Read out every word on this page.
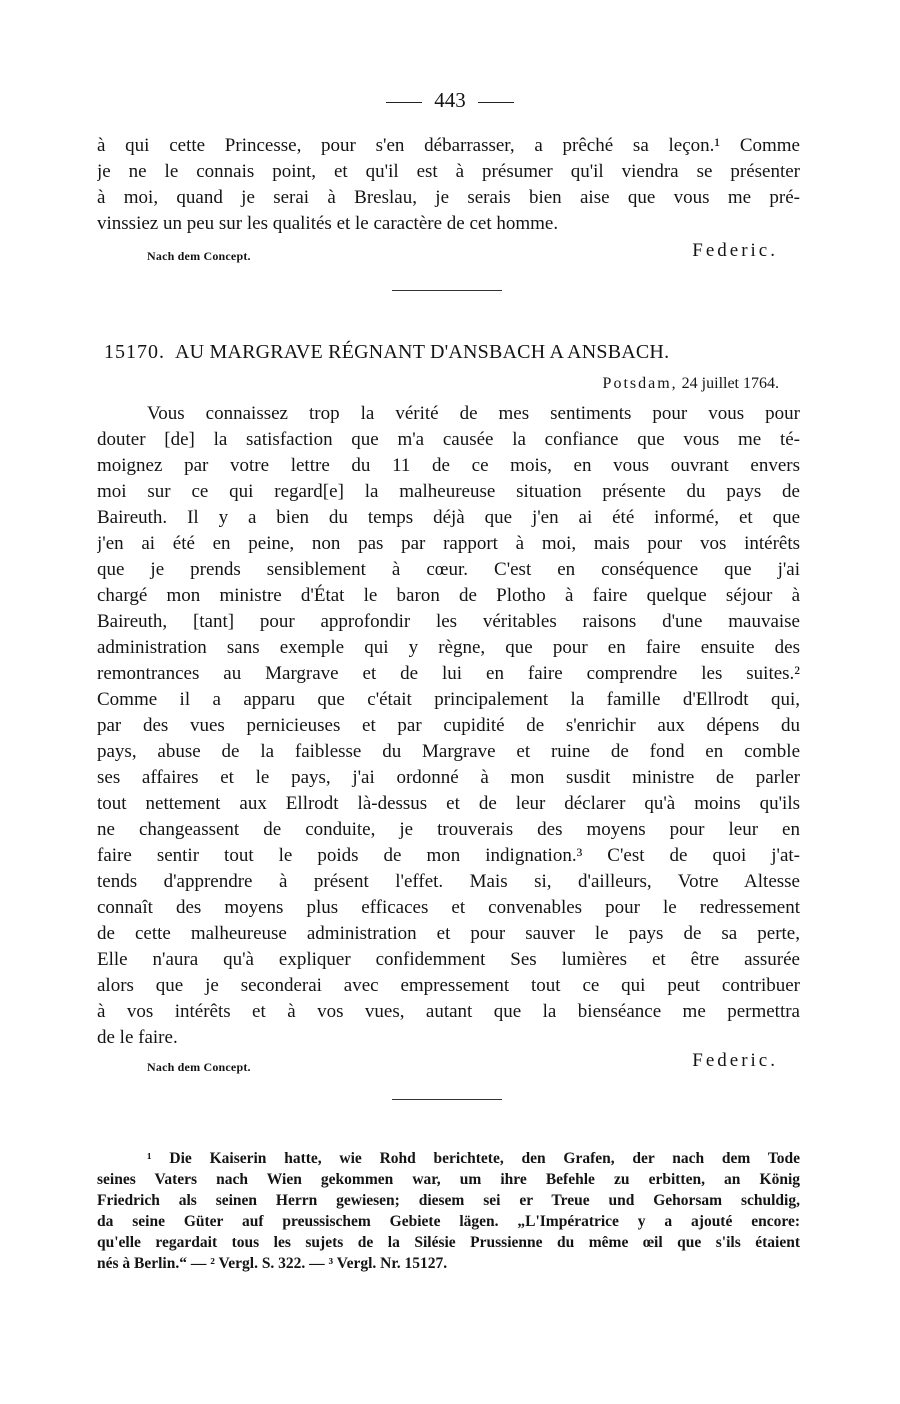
443
à qui cette Princesse, pour s'en débarrasser, a prêché sa leçon.¹ Comme
je ne le connais point, et qu'il est à présumer qu'il viendra se présenter
à moi, quand je serai à Breslau, je serais bien aise que vous me pré-
vinssiez un peu sur les qualités et le caractère de cet homme.
Nach dem Concept.	Federic.
15170. AU MARGRAVE RÉGNANT D'ANSBACH A ANSBACH.
Potsdam, 24 juillet 1764.
Vous connaissez trop la vérité de mes sentiments pour vous pour
douter [de] la satisfaction que m'a causée la confiance que vous me té-
moignez par votre lettre du 11 de ce mois, en vous ouvrant envers
moi sur ce qui regard[e] la malheureuse situation présente du pays de
Baireuth. Il y a bien du temps déjà que j'en ai été informé, et que
j'en ai été en peine, non pas par rapport à moi, mais pour vos intérêts
que je prends sensiblement à cœur. C'est en conséquence que j'ai
chargé mon ministre d'État le baron de Plotho à faire quelque séjour à
Baireuth, [tant] pour approfondir les véritables raisons d'une mauvaise
administration sans exemple qui y règne, que pour en faire ensuite des
remontrances au Margrave et de lui en faire comprendre les suites.²
Comme il a apparu que c'était principalement la famille d'Ellrodt qui,
par des vues pernicieuses et par cupidité de s'enrichir aux dépens du
pays, abuse de la faiblesse du Margrave et ruine de fond en comble
ses affaires et le pays, j'ai ordonné à mon susdit ministre de parler
tout nettement aux Ellrodt là-dessus et de leur déclarer qu'à moins qu'ils
ne changeassent de conduite, je trouverais des moyens pour leur en
faire sentir tout le poids de mon indignation.³ C'est de quoi j'at-
tends d'apprendre à présent l'effet. Mais si, d'ailleurs, Votre Altesse
connaît des moyens plus efficaces et convenables pour le redressement
de cette malheureuse administration et pour sauver le pays de sa perte,
Elle n'aura qu'à expliquer confidemment Ses lumières et être assurée
alors que je seconderai avec empressement tout ce qui peut contribuer
à vos intérêts et à vos vues, autant que la bienséance me permettra
de le faire.
Nach dem Concept.	Federic.
¹ Die Kaiserin hatte, wie Rohd berichtete, den Grafen, der nach dem Tode
seines Vaters nach Wien gekommen war, um ihre Befehle zu erbitten, an König
Friedrich als seinen Herrn gewiesen; diesem sei er Treue und Gehorsam schuldig,
da seine Güter auf preussischem Gebiete lägen. „L'Impératrice y a ajouté encore:
qu'elle regardait tous les sujets de la Silésie Prussienne du même œil que s'ils étaient
nés à Berlin.“ — ² Vergl. S. 322. — ³ Vergl. Nr. 15127.
